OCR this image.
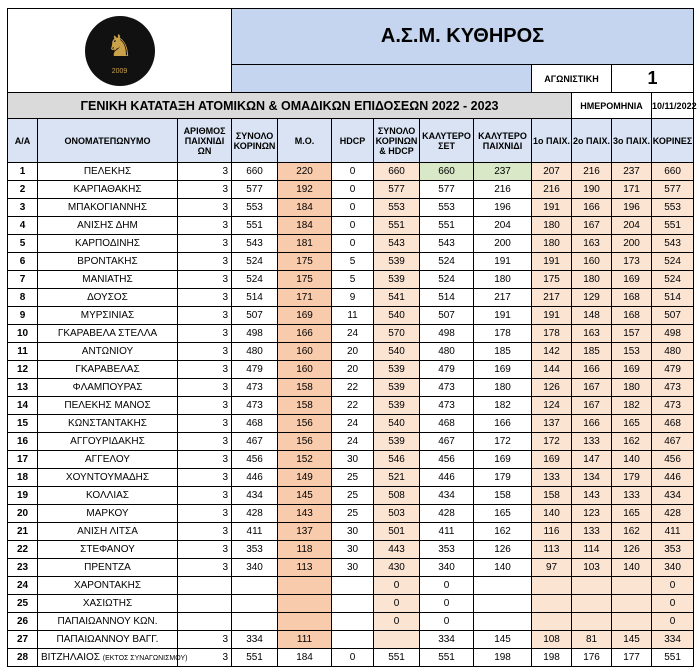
♞
2009			Α.Σ.Μ. ΚΥΘΗΡΟΣ									
									ΑΓΩΝΙΣΤΙΚΗ		1	
ΓΕΝΙΚΗ ΚΑΤΑΤΑΞΗ ΑΤΟΜΙΚΩΝ & ΟΜΑΔΙΚΩΝ ΕΠΙΔΟΣΕΩΝ 2022 - 2023										ΗΜΕΡΟΜΗΝΙΑ		10/11/2022
Α/Α	ΟΝΟΜΑΤΕΠΩΝΥΜΟ	ΑΡΙΘΜΟΣ ΠΑΙΧΝΙΔΙ ΩΝ	ΣΥΝΟΛΟ ΚΟΡΙΝΩΝ	Μ.Ο.	HDCP	ΣΥΝΟΛΟ ΚΟΡΙΝΩΝ & HDCP	ΚΑΛΥΤΕΡΟ ΣΕΤ	ΚΑΛΥΤΕΡΟ ΠΑΙΧΝΙΔΙ	1ο ΠΑΙΧ.	2ο ΠΑΙΧ.	3ο ΠΑΙΧ.	ΚΟΡΙΝΕΣ
1	ΠΕΛΕΚΗΣ	3	660	220	0	660	660	237	207	216	237	660
2	ΚΑΡΠΑΘΑΚΗΣ	3	577	192	0	577	577	216	216	190	171	577
3	ΜΠΑΚΟΓΙΑΝΝΗΣ	3	553	184	0	553	553	196	191	166	196	553
4	ΑΝΙΣΗΣ ΔΗΜ	3	551	184	0	551	551	204	180	167	204	551
5	ΚΑΡΠΟΔΙΝΗΣ	3	543	181	0	543	543	200	180	163	200	543
6	ΒΡΟΝΤΑΚΗΣ	3	524	175	5	539	524	191	191	160	173	524
7	ΜΑΝΙΑΤΗΣ	3	524	175	5	539	524	180	175	180	169	524
8	ΔΟΥΣΟΣ	3	514	171	9	541	514	217	217	129	168	514
9	ΜΥΡΣΙΝΙΑΣ	3	507	169	11	540	507	191	191	148	168	507
10	ΓΚΑΡΑΒΕΛΑ ΣΤΕΛΛΑ	3	498	166	24	570	498	178	178	163	157	498
11	ΑΝΤΩΝΙΟΥ	3	480	160	20	540	480	185	142	185	153	480
12	ΓΚΑΡΑΒΕΛΑΣ	3	479	160	20	539	479	169	144	166	169	479
13	ΦΛΑΜΠΟΥΡΑΣ	3	473	158	22	539	473	180	126	167	180	473
14	ΠΕΛΕΚΗΣ ΜΑΝΟΣ	3	473	158	22	539	473	182	124	167	182	473
15	ΚΩΝΣΤΑΝΤΑΚΗΣ	3	468	156	24	540	468	166	137	166	165	468
16	ΑΓΓΟΥΡΙΔΑΚΗΣ	3	467	156	24	539	467	172	172	133	162	467
17	ΑΓΓΕΛΟΥ	3	456	152	30	546	456	169	169	147	140	456
18	ΧΟΥΝΤΟΥΜΑΔΗΣ	3	446	149	25	521	446	179	133	134	179	446
19	ΚΟΛΛΙΑΣ	3	434	145	25	508	434	158	158	143	133	434
20	ΜΑΡΚΟΥ	3	428	143	25	503	428	165	140	123	165	428
21	ΑΝΙΣΗ ΛΙΤΣΑ	3	411	137	30	501	411	162	116	133	162	411
22	ΣΤΕΦΑΝΟΥ	3	353	118	30	443	353	126	113	114	126	353
23	ΠΡΕΝΤΖΑ	3	340	113	30	430	340	140	97	103	140	340
24	ΧΑΡΟΝΤΑΚΗΣ					0	0					0
25	ΧΑΣΙΩΤΗΣ					0	0					0
26	ΠΑΠΑΙΩΑΝΝΟΥ ΚΩΝ.					0	0					0
27	ΠΑΠΑΙΩΑΝΝΟΥ ΒΑΓΓ.	3	334	111			334	145	108	81	145	334
28	ΒΙΤΖΗΛΑΙΟΣ (ΕΚΤΟΣ ΣΥΝΑΓΩΝΙΣΜΟΥ)	3	551	184	0	551	551	198	198	176	177	551
